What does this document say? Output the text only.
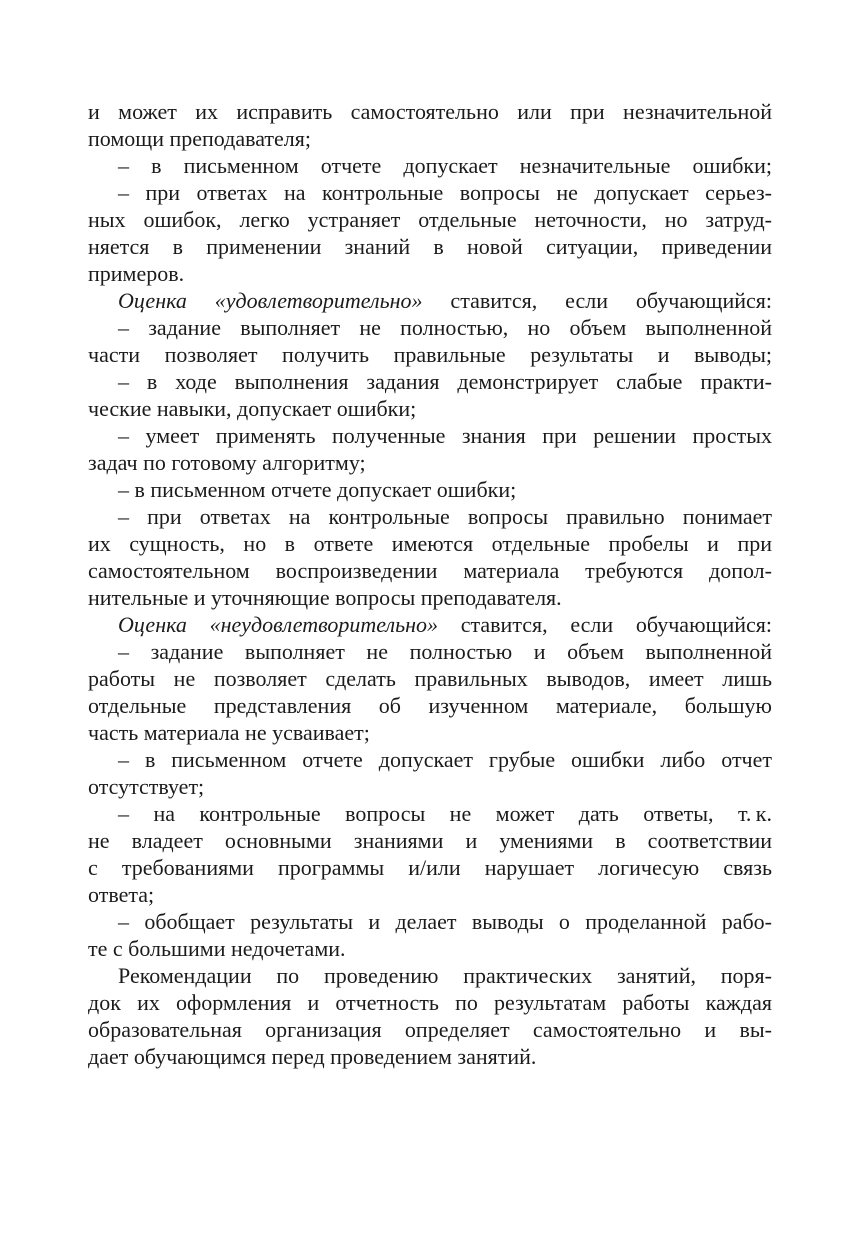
и может их исправить самостоятельно или при незначительной
помощи преподавателя;
– в письменном отчете допускает незначительные ошибки;
– при ответах на контрольные вопросы не допускает серьез-
ных ошибок, легко устраняет отдельные неточности, но затруд-
няется в применении знаний в новой ситуации, приведении
примеров.
Оценка «удовлетворительно» ставится, если обучающийся:
– задание выполняет не полностью, но объем выполненной
части позволяет получить правильные результаты и выводы;
– в ходе выполнения задания демонстрирует слабые практи-
ческие навыки, допускает ошибки;
– умеет применять полученные знания при решении простых
задач по готовому алгоритму;
– в письменном отчете допускает ошибки;
– при ответах на контрольные вопросы правильно понимает
их сущность, но в ответе имеются отдельные пробелы и при
самостоятельном воспроизведении материала требуются допол-
нительные и уточняющие вопросы преподавателя.
Оценка «неудовлетворительно» ставится, если обучающийся:
– задание выполняет не полностью и объем выполненной
работы не позволяет сделать правильных выводов, имеет лишь
отдельные представления об изученном материале, большую
часть материала не усваивает;
– в письменном отчете допускает грубые ошибки либо отчет
отсутствует;
– на контрольные вопросы не может дать ответы, т. к.
не владеет основными знаниями и умениями в соответствии
с требованиями программы и/или нарушает логичесую связь
ответа;
– обобщает результаты и делает выводы о проделанной рабо-
те с большими недочетами.
Рекомендации по проведению практических занятий, поря-
док их оформления и отчетность по результатам работы каждая
образовательная организация определяет самостоятельно и вы-
дает обучающимся перед проведением занятий.
